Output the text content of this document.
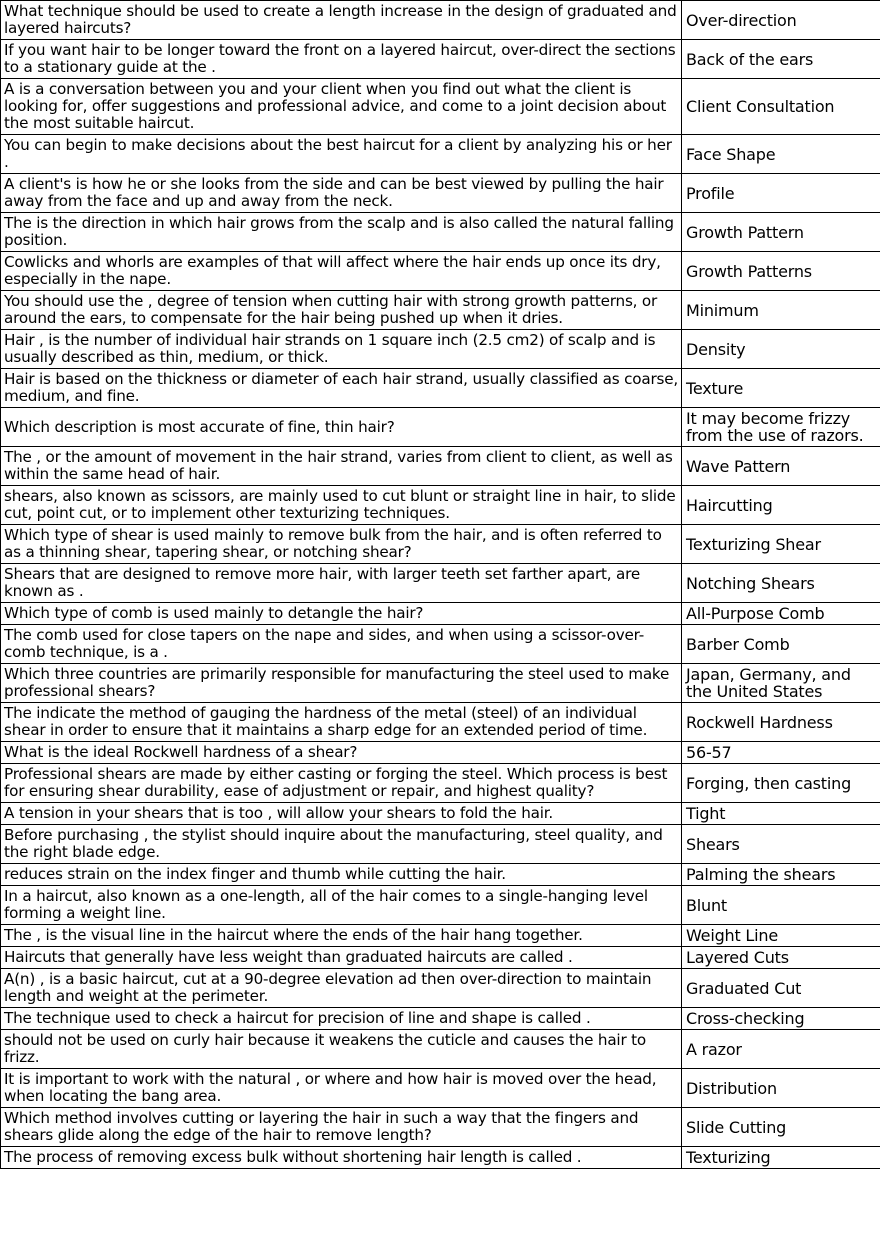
What technique should be used to create a length increase in the design of graduated and layered haircuts?	Over-direction
If you want hair to be longer toward the front on a layered haircut, over-direct the sections to a stationary guide at the .	Back of the ears
A is a conversation between you and your client when you find out what the client is looking for, offer suggestions and professional advice, and come to a joint decision about the most suitable haircut.	Client Consultation
You can begin to make decisions about the best haircut for a client by analyzing his or her .	Face Shape
A client's is how he or she looks from the side and can be best viewed by pulling the hair away from the face and up and away from the neck.	Profile
The is the direction in which hair grows from the scalp and is also called the natural falling position.	Growth Pattern
Cowlicks and whorls are examples of that will affect where the hair ends up once its dry, especially in the nape.	Growth Patterns
You should use the , degree of tension when cutting hair with strong growth patterns, or around the ears, to compensate for the hair being pushed up when it dries.	Minimum
Hair , is the number of individual hair strands on 1 square inch (2.5 cm2) of scalp and is usually described as thin, medium, or thick.	Density
Hair is based on the thickness or diameter of each hair strand, usually classified as coarse, medium, and fine.	Texture
Which description is most accurate of fine, thin hair?	It may become frizzy from the use of razors.
The , or the amount of movement in the hair strand, varies from client to client, as well as within the same head of hair.	Wave Pattern
shears, also known as scissors, are mainly used to cut blunt or straight line in hair, to slide cut, point cut, or to implement other texturizing techniques.	Haircutting
Which type of shear is used mainly to remove bulk from the hair, and is often referred to as a thinning shear, tapering shear, or notching shear?	Texturizing Shear
Shears that are designed to remove more hair, with larger teeth set farther apart, are known as .	Notching Shears
Which type of comb is used mainly to detangle the hair?	All-Purpose Comb
The comb used for close tapers on the nape and sides, and when using a scissor-over-comb technique, is a .	Barber Comb
Which three countries are primarily responsible for manufacturing the steel used to make professional shears?	Japan, Germany, and the United States
The indicate the method of gauging the hardness of the metal (steel) of an individual shear in order to ensure that it maintains a sharp edge for an extended period of time.	Rockwell Hardness
What is the ideal Rockwell hardness of a shear?	56-57
Professional shears are made by either casting or forging the steel. Which process is best for ensuring shear durability, ease of adjustment or repair, and highest quality?	Forging, then casting
A tension in your shears that is too , will allow your shears to fold the hair.	Tight
Before purchasing , the stylist should inquire about the manufacturing, steel quality, and the right blade edge.	Shears
reduces strain on the index finger and thumb while cutting the hair.	Palming the shears
In a haircut, also known as a one-length, all of the hair comes to a single-hanging level forming a weight line.	Blunt
The , is the visual line in the haircut where the ends of the hair hang together.	Weight Line
Haircuts that generally have less weight than graduated haircuts are called .	Layered Cuts
A(n) , is a basic haircut, cut at a 90-degree elevation ad then over-direction to maintain length and weight at the perimeter.	Graduated Cut
The technique used to check a haircut for precision of line and shape is called .	Cross-checking
should not be used on curly hair because it weakens the cuticle and causes the hair to frizz.	A razor
It is important to work with the natural , or where and how hair is moved over the head, when locating the bang area.	Distribution
Which method involves cutting or layering the hair in such a way that the fingers and shears glide along the edge of the hair to remove length?	Slide Cutting
The process of removing excess bulk without shortening hair length is called .	Texturizing
